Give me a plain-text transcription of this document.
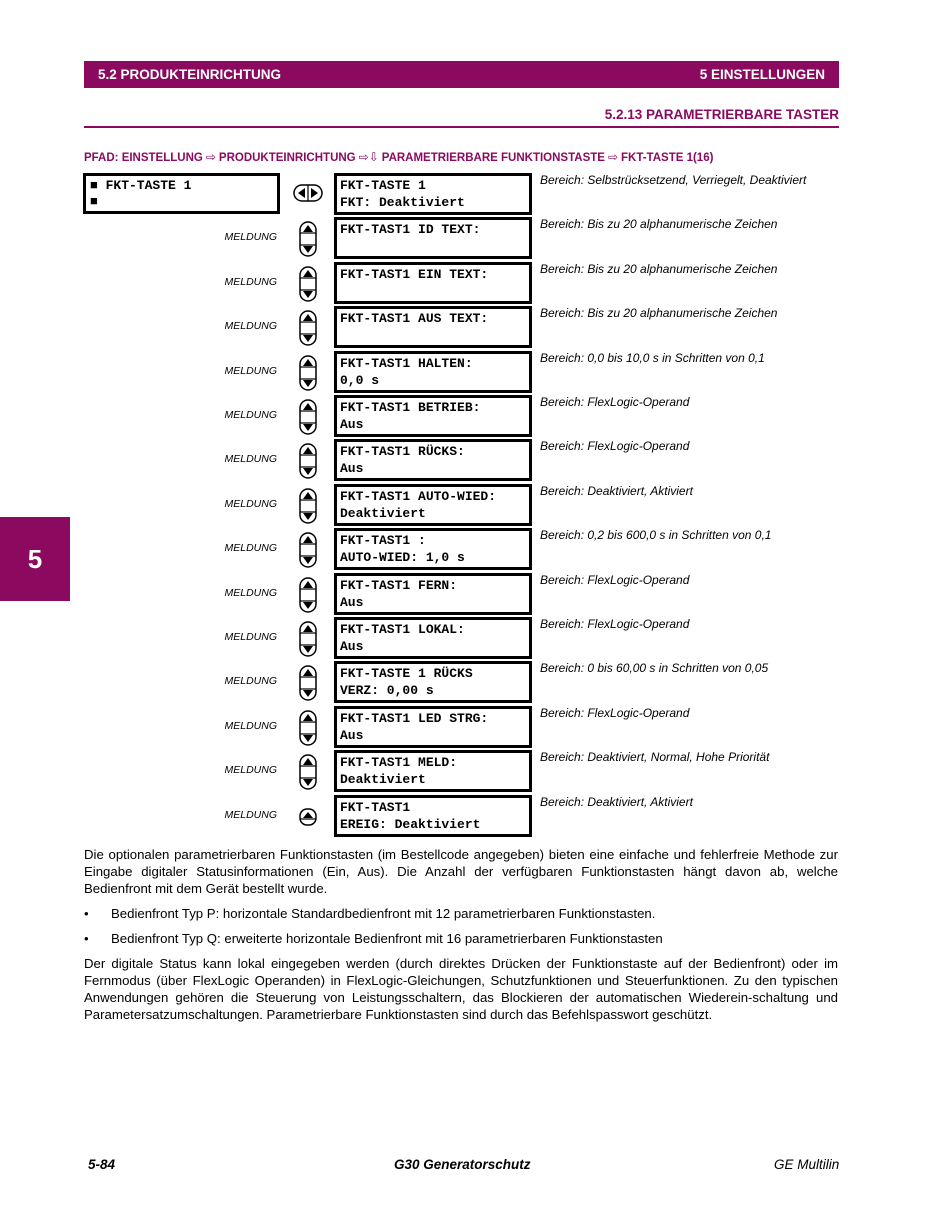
5.2 PRODUKTEINRICHTUNG	5 EINSTELLUNGEN
5.2.13 PARAMETRIERBARE TASTER
PFAD: EINSTELLUNG ⇨ PRODUKTEINRICHTUNG ⇨⇩ PARAMETRIERBARE FUNKTIONSTASTE ⇨ FKT-TASTE 1(16)
5
■ FKT-TASTE 1
■
FKT-TASTE 1
FKT: Deaktiviert
Bereich: Selbstrücksetzend, Verriegelt, Deaktiviert
MELDUNG	FKT-TAST1 ID TEXT:	Bereich: Bis zu 20 alphanumerische Zeichen
MELDUNG	FKT-TAST1 EIN TEXT:	Bereich: Bis zu 20 alphanumerische Zeichen
MELDUNG	FKT-TAST1 AUS TEXT:	Bereich: Bis zu 20 alphanumerische Zeichen
MELDUNG	FKT-TAST1 HALTEN:
0,0 s
Bereich: 0,0 bis 10,0 s in Schritten von 0,1
MELDUNG	FKT-TAST1 BETRIEB:
Aus
Bereich: FlexLogic-Operand
MELDUNG	FKT-TAST1 RÜCKS:
Aus
Bereich: FlexLogic-Operand
MELDUNG	FKT-TAST1 AUTO-WIED:
Deaktiviert
Bereich: Deaktiviert, Aktiviert
MELDUNG	FKT-TAST1 :
AUTO-WIED: 1,0 s
Bereich: 0,2 bis 600,0 s in Schritten von 0,1
MELDUNG	FKT-TAST1 FERN:
Aus
Bereich: FlexLogic-Operand
MELDUNG	FKT-TAST1 LOKAL:
Aus
Bereich: FlexLogic-Operand
MELDUNG	FKT-TASTE 1 RÜCKS
VERZ: 0,00 s
Bereich: 0 bis 60,00 s in Schritten von 0,05
MELDUNG	FKT-TAST1 LED STRG:
Aus
Bereich: FlexLogic-Operand
MELDUNG	FKT-TAST1 MELD:
Deaktiviert
Bereich: Deaktiviert, Normal, Hohe Priorität
MELDUNG	FKT-TAST1
EREIG: Deaktiviert
Bereich: Deaktiviert, Aktiviert

Die optionalen parametrierbaren Funktionstasten (im Bestellcode angegeben) bieten eine einfache und fehlerfreie Methode zur Eingabe digitaler Statusinformationen (Ein, Aus). Die Anzahl der verfügbaren Funktionstasten hängt davon ab, welche Bedienfront mit dem Gerät bestellt wurde.

•	Bedienfront Typ P: horizontale Standardbedienfront mit 12 parametrierbaren Funktionstasten.
•	Bedienfront Typ Q: erweiterte horizontale Bedienfront mit 16 parametrierbaren Funktionstasten

Der digitale Status kann lokal eingegeben werden (durch direktes Drücken der Funktionstaste auf der Bedienfront) oder im Fernmodus (über FlexLogic Operanden) in FlexLogic-Gleichungen, Schutzfunktionen und Steuerfunktionen. Zu den typischen Anwendungen gehören die Steuerung von Leistungsschaltern, das Blockieren der automatischen Wiederein-schaltung und Parametersatzumschaltungen. Parametrierbare Funktionstasten sind durch das Befehlspasswort geschützt.

5-84	G30 Generatorschutz	GE Multilin
